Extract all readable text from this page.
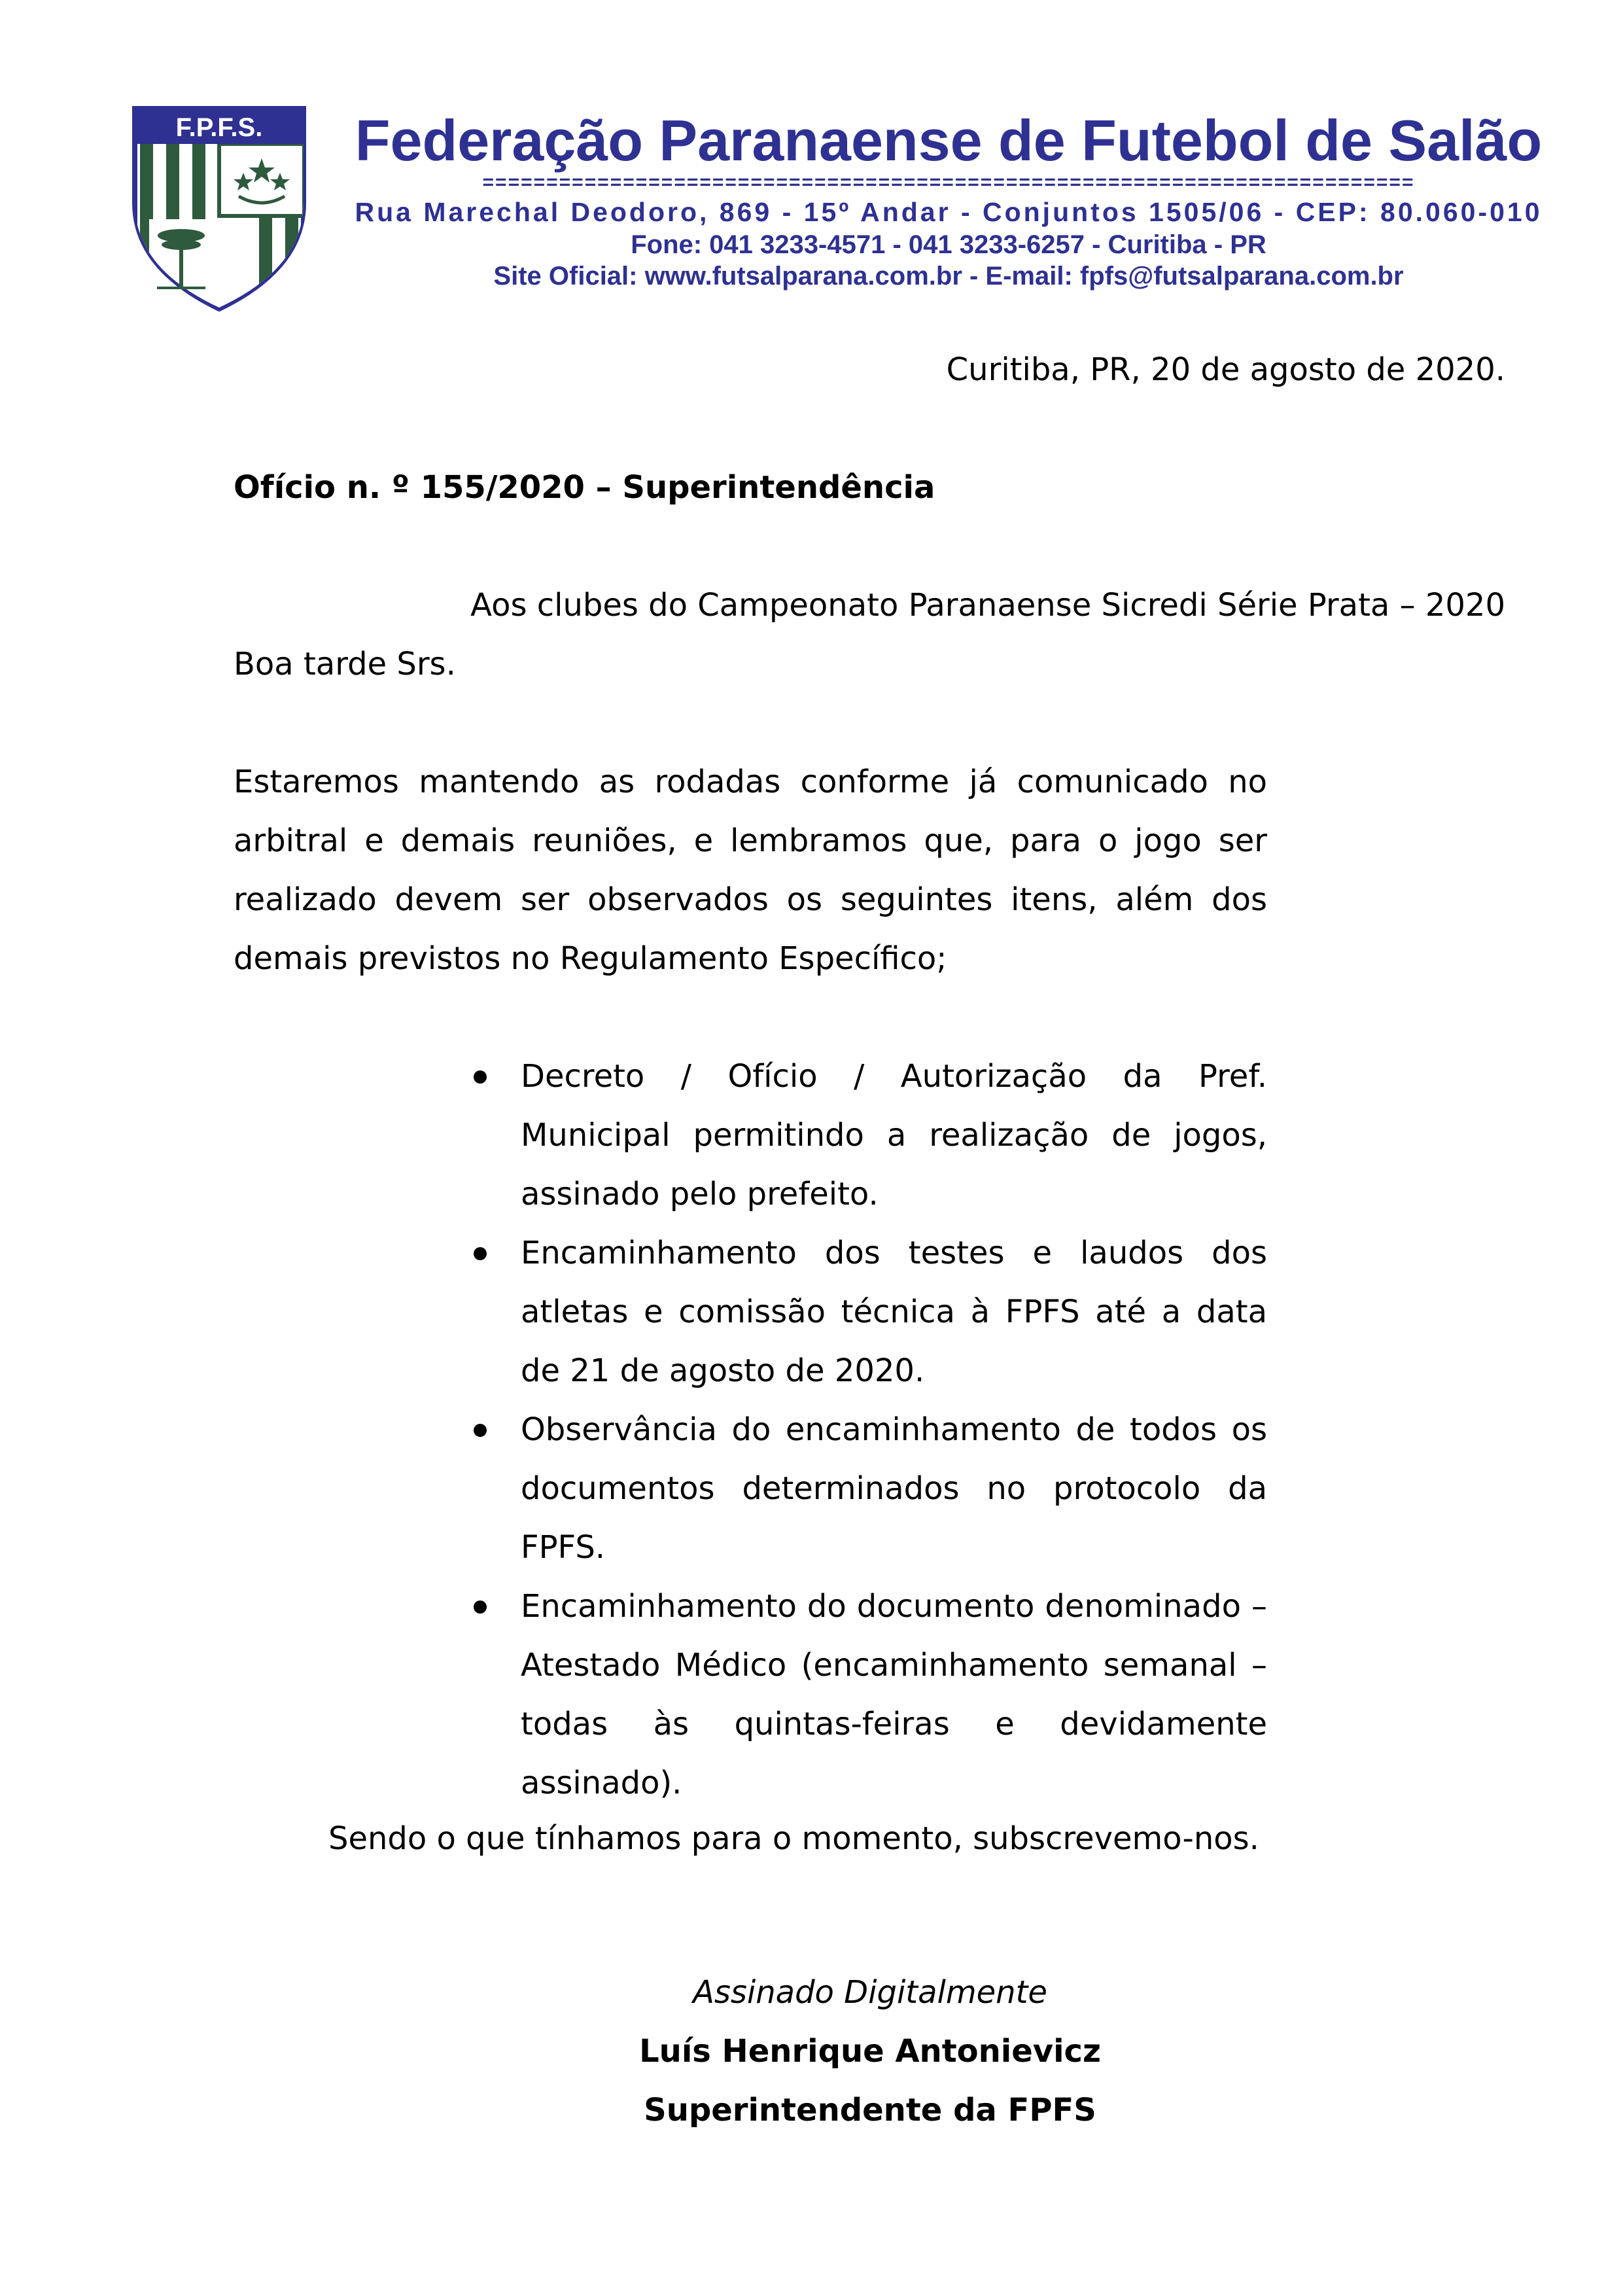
F.P.F.S.	Federação Paranaense de Futebol de Salão
=========================================================================
Rua Marechal Deodoro, 869 - 15º Andar - Conjuntos 1505/06 - CEP: 80.060-010
Fone: 041 3233-4571 - 041 3233-6257 - Curitiba - PR
Site Oficial: www.futsalparana.com.br - E-mail: fpfs@futsalparana.com.br
Curitiba, PR, 20 de agosto de 2020.
Ofício n. º 155/2020 – Superintendência
Aos clubes do Campeonato Paranaense Sicredi Série Prata – 2020
Boa tarde Srs.
Estaremos mantendo as rodadas conforme já comunicado no arbitral e demais reuniões, e lembramos que, para o jogo ser realizado devem ser observados os seguintes itens, além dos demais previstos no Regulamento Específico;
Decreto / Ofício / Autorização da Pref. Municipal permitindo a realização de jogos, assinado pelo prefeito.
Encaminhamento dos testes e laudos dos atletas e comissão técnica à FPFS até a data de 21 de agosto de 2020.
Observância do encaminhamento de todos os documentos determinados no protocolo da FPFS.
Encaminhamento do documento denominado – Atestado Médico (encaminhamento semanal – todas às quintas-feiras e devidamente assinado).
Sendo o que tínhamos para o momento, subscrevemo-nos.
Assinado Digitalmente
Luís Henrique Antonievicz
Superintendente da FPFS
